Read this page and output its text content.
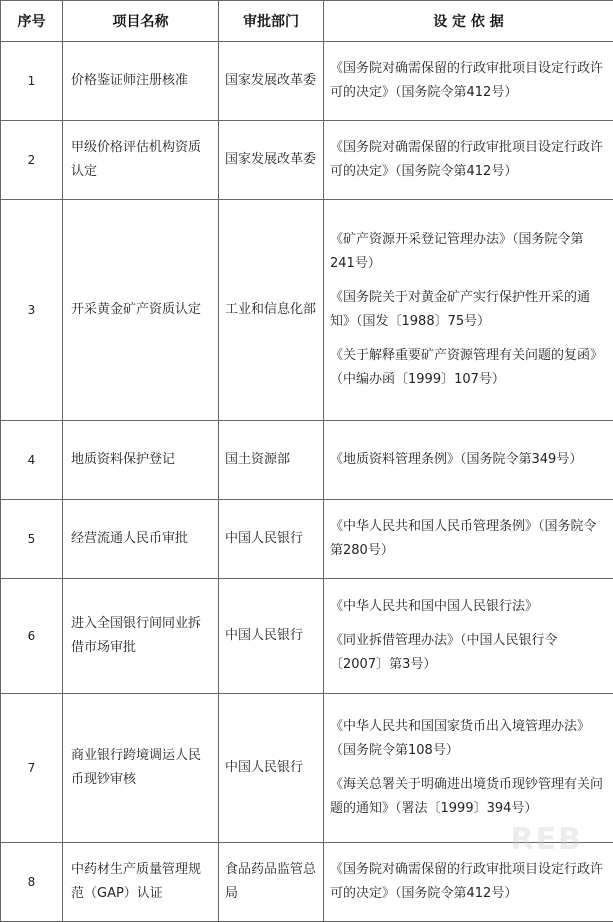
序号	项目名称	审批部门	设 定 依 据
1	价格鉴证师注册核准	国家发展改革委	《国务院对确需保留的行政审批项目设定行政许可的决定》（国务院令第412号）

2	甲级价格评估机构资质认定	国家发展改革委	《国务院对确需保留的行政审批项目设定行政许可的决定》（国务院令第412号）

3	开采黄金矿产资质认定	工业和信息化部	《矿产资源开采登记管理办法》（国务院令第241号）

《国务院关于对黄金矿产实行保护性开采的通知》（国发〔1988〕75号）

《关于解释重要矿产资源管理有关问题的复函》（中编办函〔1999〕107号）

4	地质资料保护登记	国土资源部	《地质资料管理条例》（国务院令第349号）

5	经营流通人民币审批	中国人民银行	《中华人民共和国人民币管理条例》（国务院令第280号）

6	进入全国银行间同业拆借市场审批	中国人民银行	《中华人民共和国中国人民银行法》

《同业拆借管理办法》（中国人民银行令〔2007〕第3号）

7	商业银行跨境调运人民币现钞审核	中国人民银行	《中华人民共和国国家货币出入境管理办法》（国务院令第108号）

《海关总署关于明确进出境货币现钞管理有关问题的通知》（署法〔1999〕394号）

8	中药材生产质量管理规范（GAP）认证	食品药品监管总局	《国务院对确需保留的行政审批项目设定行政许可的决定》（国务院令第412号）

REB
